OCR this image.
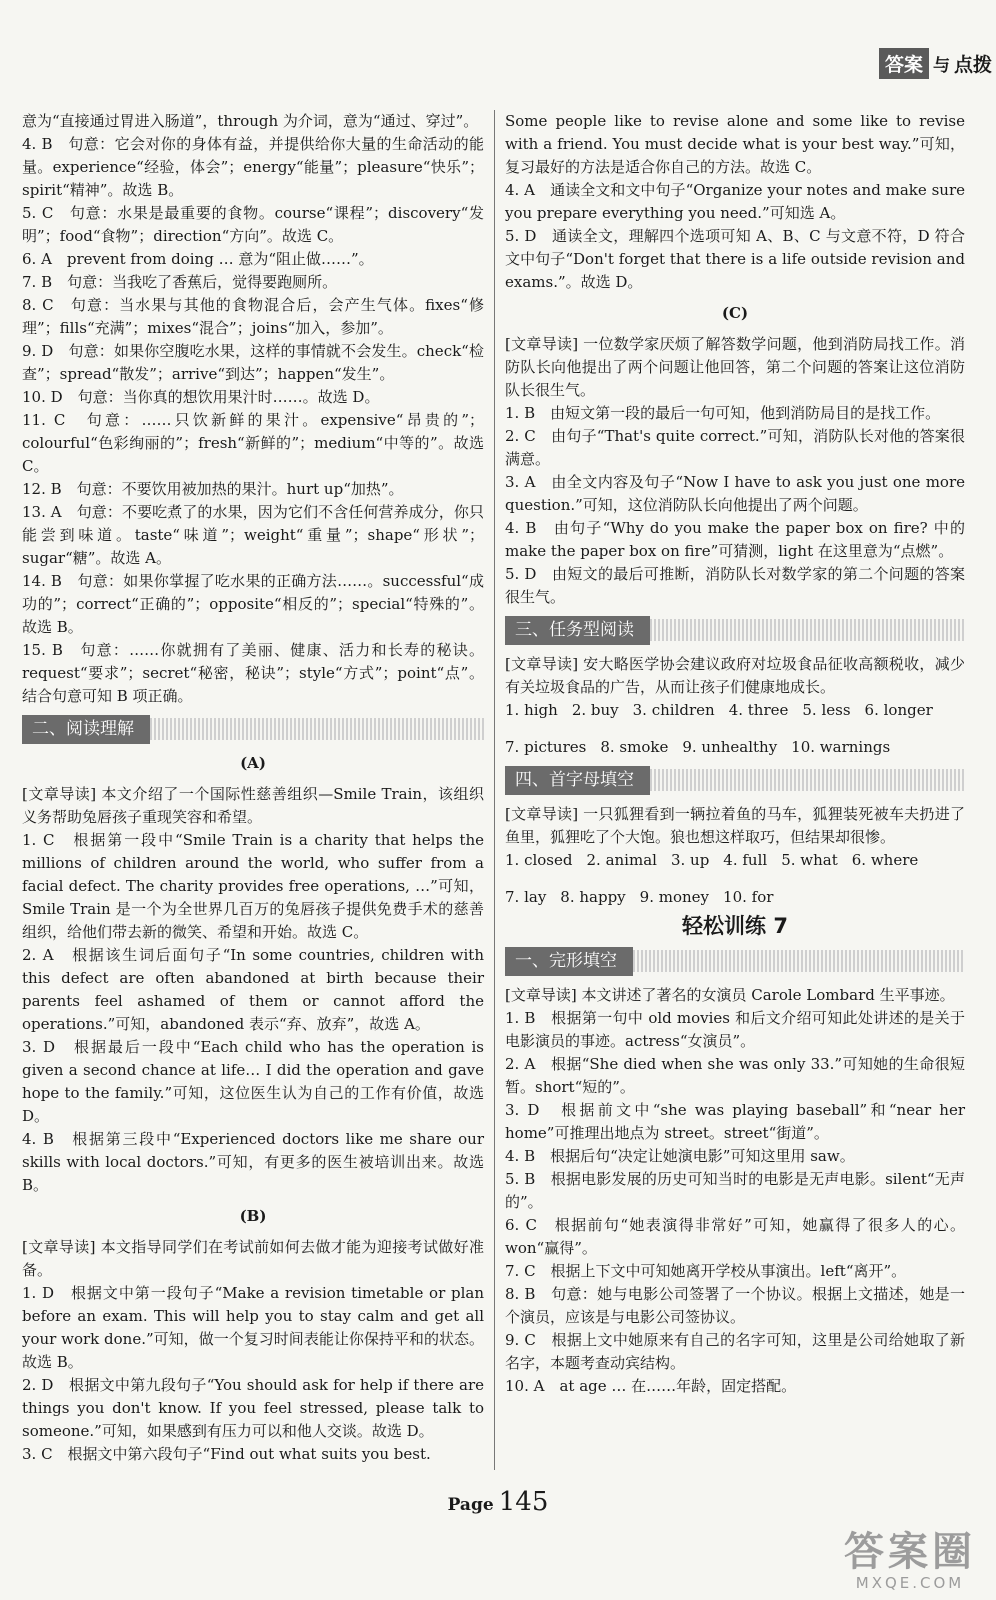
答案 与 点拨

意为“直接通过胃进入肠道”，through 为介词，意为“通过、穿过”。

4. B　句意：它会对你的身体有益，并提供给你大量的生命活动的能量。experience“经验，体会”；energy“能量”；pleasure“快乐”；spirit“精神”。故选 B。

5. C　句意：水果是最重要的食物。course“课程”；discovery“发明”；food“食物”；direction“方向”。故选 C。

6. A　prevent from doing … 意为“阻止做……”。

7. B　句意：当我吃了香蕉后，觉得要跑厕所。

8. C　句意：当水果与其他的食物混合后，会产生气体。fixes“修理”；fills“充满”；mixes“混合”；joins“加入，参加”。

9. D　句意：如果你空腹吃水果，这样的事情就不会发生。check“检查”；spread“散发”；arrive“到达”；happen“发生”。

10. D　句意：当你真的想饮用果汁时……。故选 D。

11. C　句意：……只饮新鲜的果汁。expensive“昂贵的”；colourful“色彩绚丽的”；fresh“新鲜的”；medium“中等的”。故选 C。

12. B　句意：不要饮用被加热的果汁。hurt up“加热”。

13. A　句意：不要吃煮了的水果，因为它们不含任何营养成分，你只能尝到味道。taste“味道”；weight“重量”；shape“形状”；sugar“糖”。故选 A。

14. B　句意：如果你掌握了吃水果的正确方法……。successful“成功的”；correct“正确的”；opposite“相反的”；special“特殊的”。故选 B。

15. B　句意：……你就拥有了美丽、健康、活力和长寿的秘诀。request“要求”；secret“秘密，秘诀”；style“方式”；point“点”。结合句意可知 B 项正确。

二、阅读理解
(A)

[文章导读] 本文介绍了一个国际性慈善组织—Smile Train，该组织义务帮助兔唇孩子重现笑容和希望。

1. C　根据第一段中“Smile Train is a charity that helps the millions of children around the world, who suffer from a facial defect. The charity provides free operations, …”可知，Smile Train 是一个为全世界几百万的兔唇孩子提供免费手术的慈善组织，给他们带去新的微笑、希望和开始。故选 C。

2. A　根据该生词后面句子“In some countries, children with this defect are often abandoned at birth because their parents feel ashamed of them or cannot afford the operations.”可知，abandoned 表示“弃、放弃”，故选 A。

3. D　根据最后一段中“Each child who has the operation is given a second chance at life… I did the operation and gave hope to the family.”可知，这位医生认为自己的工作有价值，故选 D。

4. B　根据第三段中“Experienced doctors like me share our skills with local doctors.”可知，有更多的医生被培训出来。故选 B。

(B)

[文章导读] 本文指导同学们在考试前如何去做才能为迎接考试做好准备。

1. D　根据文中第一段句子“Make a revision timetable or plan before an exam. This will help you to stay calm and get all your work done.”可知，做一个复习时间表能让你保持平和的状态。故选 B。

2. D　根据文中第九段句子“You should ask for help if there are things you don't know. If you feel stressed, please talk to someone.”可知，如果感到有压力可以和他人交谈。故选 D。

3. C　根据文中第六段句子“Find out what suits you best.

Some people like to revise alone and some like to revise with a friend. You must decide what is your best way.”可知，复习最好的方法是适合你自己的方法。故选 C。

4. A　通读全文和文中句子“Organize your notes and make sure you prepare everything you need.”可知选 A。

5. D　通读全文，理解四个选项可知 A、B、C 与文意不符，D 符合文中句子“Don't forget that there is a life outside revision and exams.”。故选 D。

(C)

[文章导读] 一位数学家厌烦了解答数学问题，他到消防局找工作。消防队长向他提出了两个问题让他回答，第二个问题的答案让这位消防队长很生气。

1. B　由短文第一段的最后一句可知，他到消防局目的是找工作。

2. C　由句子“That's quite correct.”可知，消防队长对他的答案很满意。

3. A　由全文内容及句子“Now I have to ask you just one more question.”可知，这位消防队长向他提出了两个问题。

4. B　由句子“Why do you make the paper box on fire? 中的 make the paper box on fire”可猜测，light 在这里意为“点燃”。

5. D　由短文的最后可推断，消防队长对数学家的第二个问题的答案很生气。

三、任务型阅读

[文章导读] 安大略医学协会建议政府对垃圾食品征收高额税收，减少有关垃圾食品的广告，从而让孩子们健康地成长。

1. high 2. buy 3. children 4. three 5. less 6. longer
7. pictures 8. smoke 9. unhealthy 10. warnings
四、首字母填空

[文章导读] 一只狐狸看到一辆拉着鱼的马车，狐狸装死被车夫扔进了鱼里，狐狸吃了个大饱。狼也想这样取巧，但结果却很惨。

1. closed 2. animal 3. up 4. full 5. what 6. where
7. lay 8. happy 9. money 10. for
轻松训练 7
一、完形填空

[文章导读] 本文讲述了著名的女演员 Carole Lombard 生平事迹。

1. B　根据第一句中 old movies 和后文介绍可知此处讲述的是关于电影演员的事迹。actress“女演员”。

2. A　根据“She died when she was only 33.”可知她的生命很短暂。short“短的”。

3. D　根据前文中“she was playing baseball”和“near her home”可推理出地点为 street。street“街道”。

4. B　根据后句“决定让她演电影”可知这里用 saw。

5. B　根据电影发展的历史可知当时的电影是无声电影。silent“无声的”。

6. C　根据前句“她表演得非常好”可知，她赢得了很多人的心。won“赢得”。

7. C　根据上下文中可知她离开学校从事演出。left“离开”。

8. B　句意：她与电影公司签署了一个协议。根据上文描述，她是一个演员，应该是与电影公司签协议。

9. C　根据上文中她原来有自己的名字可知，这里是公司给她取了新名字，本题考查动宾结构。

10. A　at age … 在……年龄，固定搭配。

Page 145
答案圈
MXQE.COM
